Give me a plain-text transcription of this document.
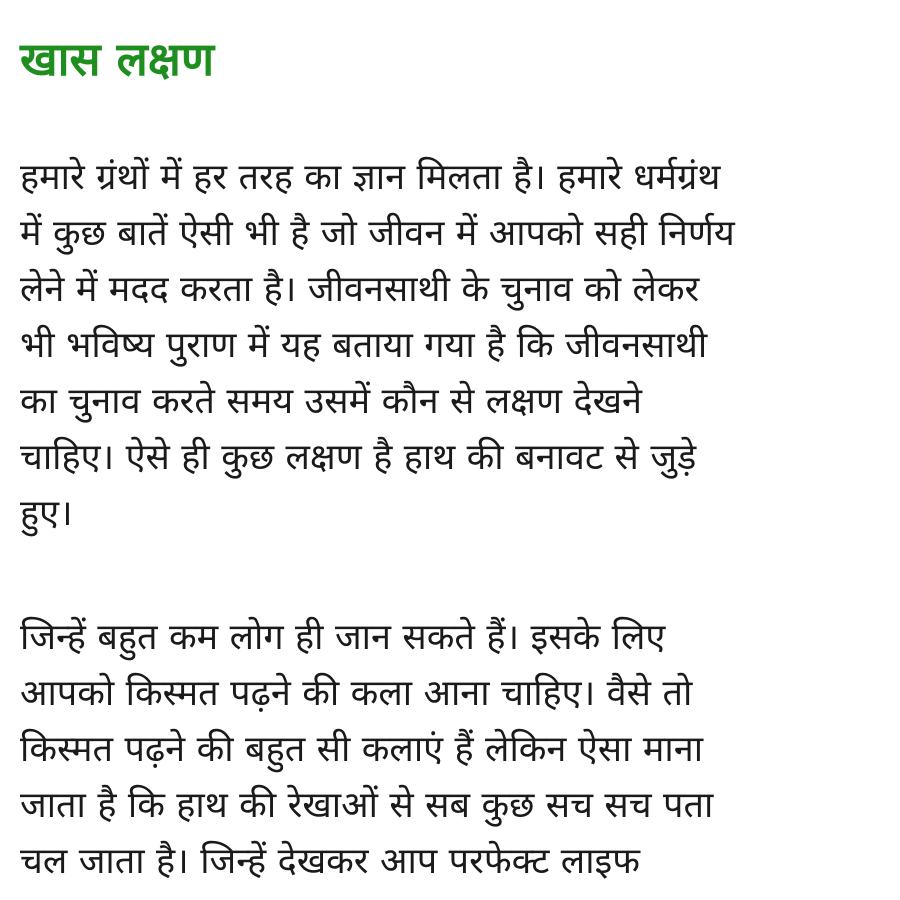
खास लक्षण

हमारे ग्रंथों में हर तरह का ज्ञान मिलता है। हमारे धर्मग्रंथ
में कुछ बातें ऐसी भी है जो जीवन में आपको सही निर्णय
लेने में मदद करता है। जीवनसाथी के चुनाव को लेकर
भी भविष्य पुराण में यह बताया गया है कि जीवनसाथी
का चुनाव करते समय उसमें कौन से लक्षण देखने
चाहिए। ऐसे ही कुछ लक्षण है हाथ की बनावट से जुड़े
हुए।

जिन्हें बहुत कम लोग ही जान सकते हैं। इसके लिए
आपको किस्मत पढ़ने की कला आना चाहिए। वैसे तो
किस्मत पढ़ने की बहुत सी कलाएं हैं लेकिन ऐसा माना
जाता है कि हाथ की रेखाओं से सब कुछ सच सच पता
चल जाता है। जिन्हें देखकर आप परफेक्ट लाइफ
